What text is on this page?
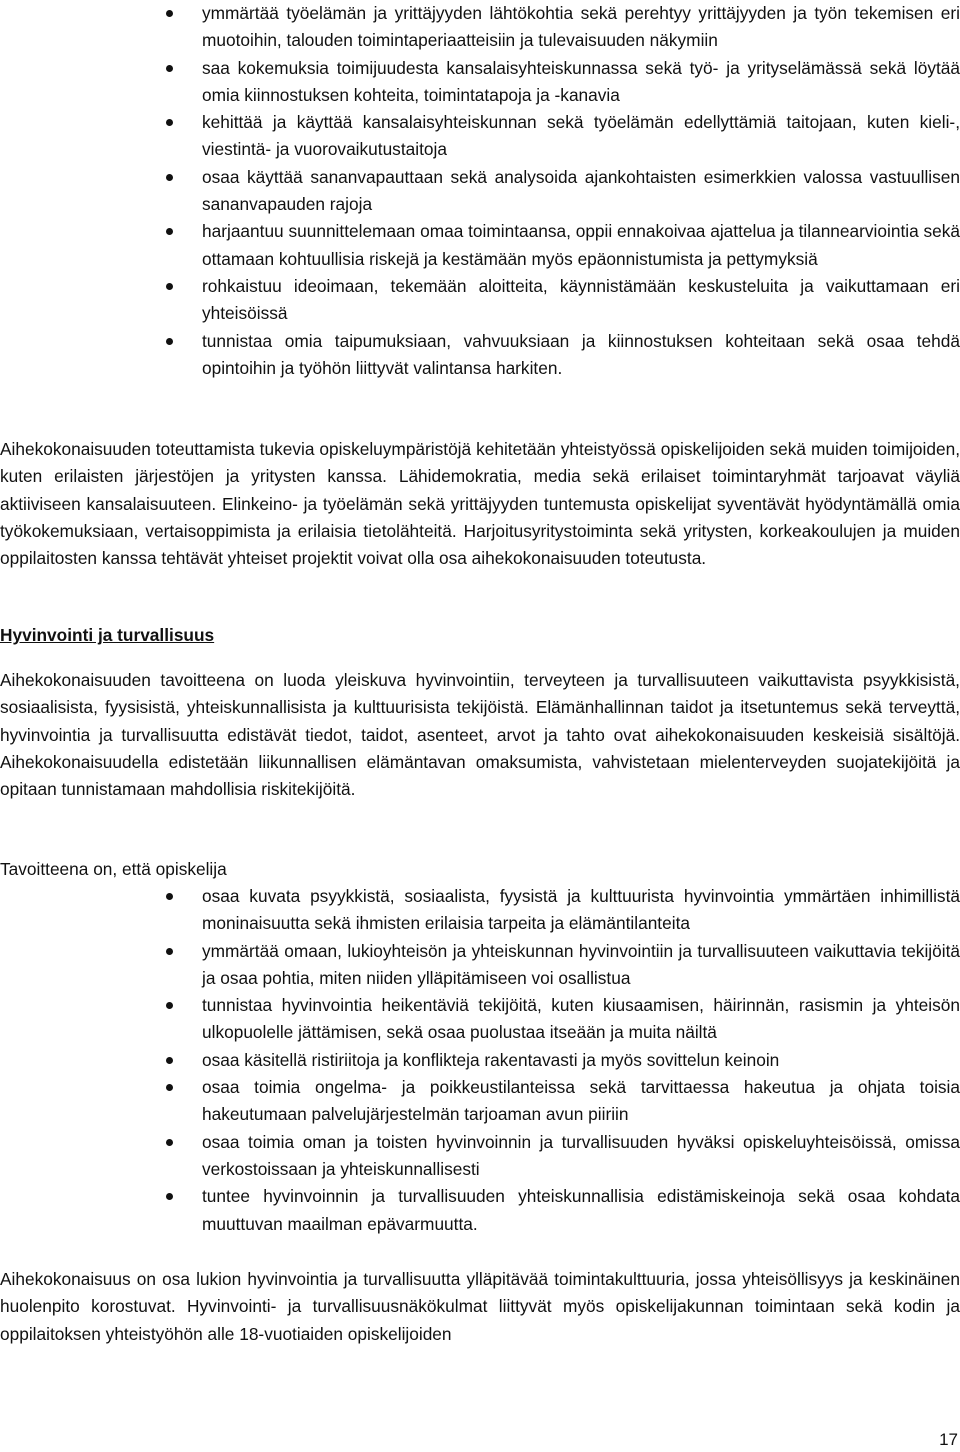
ymmärtää työelämän ja yrittäjyyden lähtökohtia sekä perehtyy yrittäjyyden ja työn tekemisen eri muotoihin, talouden toimintaperiaatteisiin ja tulevaisuuden näkymiin
saa kokemuksia toimijuudesta kansalaisyhteiskunnassa sekä työ- ja yrityselämässä sekä löytää omia kiinnostuksen kohteita, toimintatapoja ja -kanavia
kehittää ja käyttää kansalaisyhteiskunnan sekä työelämän edellyttämiä taitojaan, kuten kieli-, viestintä- ja vuorovaikutustaitoja
osaa käyttää sananvapauttaan sekä analysoida ajankohtaisten esimerkkien valossa vastuullisen sananvapauden rajoja
harjaantuu suunnittelemaan omaa toimintaansa, oppii ennakoivaa ajattelua ja tilannearviointia sekä ottamaan kohtuullisia riskejä ja kestämään myös epäonnistumista ja pettymyksiä
rohkaistuu ideoimaan, tekemään aloitteita, käynnistämään keskusteluita ja vaikuttamaan eri yhteisöissä
tunnistaa omia taipumuksiaan, vahvuuksiaan ja kiinnostuksen kohteitaan sekä osaa tehdä opintoihin ja työhön liittyvät valintansa harkiten.

Aihekokonaisuuden toteuttamista tukevia opiskeluympäristöjä kehitetään yhteistyössä opiskelijoiden sekä muiden toimijoiden, kuten erilaisten järjestöjen ja yritysten kanssa. Lähidemokratia, media sekä erilaiset toimintaryhmät tarjoavat väyliä aktiiviseen kansalaisuuteen. Elinkeino- ja työelämän sekä yrittäjyyden tuntemusta opiskelijat syventävät hyödyntämällä omia työkokemuksiaan, vertaisoppimista ja erilaisia tietolähteitä. Harjoitusyritystoiminta sekä yritysten, korkeakoulujen ja muiden oppilaitosten kanssa tehtävät yhteiset projektit voivat olla osa aihekokonaisuuden toteutusta.

Hyvinvointi ja turvallisuus

Aihekokonaisuuden tavoitteena on luoda yleiskuva hyvinvointiin, terveyteen ja turvallisuuteen vaikuttavista psyykkisistä, sosiaalisista, fyysisistä, yhteiskunnallisista ja kulttuurisista tekijöistä. Elämänhallinnan taidot ja itsetuntemus sekä terveyttä, hyvinvointia ja turvallisuutta edistävät tiedot, taidot, asenteet, arvot ja tahto ovat aihekokonaisuuden keskeisiä sisältöjä. Aihekokonaisuudella edistetään liikunnallisen elämäntavan omaksumista, vahvistetaan mielenterveyden suojatekijöitä ja opitaan tunnistamaan mahdollisia riskitekijöitä.

Tavoitteena on, että opiskelija

osaa kuvata psyykkistä, sosiaalista, fyysistä ja kulttuurista hyvinvointia ymmärtäen inhimillistä moninaisuutta sekä ihmisten erilaisia tarpeita ja elämäntilanteita
ymmärtää omaan, lukioyhteisön ja yhteiskunnan hyvinvointiin ja turvallisuuteen vaikuttavia tekijöitä ja osaa pohtia, miten niiden ylläpitämiseen voi osallistua
tunnistaa hyvinvointia heikentäviä tekijöitä, kuten kiusaamisen, häirinnän, rasismin ja yhteisön ulkopuolelle jättämisen, sekä osaa puolustaa itseään ja muita näiltä
osaa käsitellä ristiriitoja ja konflikteja rakentavasti ja myös sovittelun keinoin
osaa toimia ongelma- ja poikkeustilanteissa sekä tarvittaessa hakeutua ja ohjata toisia hakeutumaan palvelujärjestelmän tarjoaman avun piiriin
osaa toimia oman ja toisten hyvinvoinnin ja turvallisuuden hyväksi opiskeluyhteisöissä, omissa verkostoissaan ja yhteiskunnallisesti
tuntee hyvinvoinnin ja turvallisuuden yhteiskunnallisia edistämiskeinoja sekä osaa kohdata muuttuvan maailman epävarmuutta.

Aihekokonaisuus on osa lukion hyvinvointia ja turvallisuutta ylläpitävää toimintakulttuuria, jossa yhteisöllisyys ja keskinäinen huolenpito korostuvat. Hyvinvointi- ja turvallisuusnäkökulmat liittyvät myös opiskelijakunnan toimintaan sekä kodin ja oppilaitoksen yhteistyöhön alle 18-vuotiaiden opiskelijoiden

17
